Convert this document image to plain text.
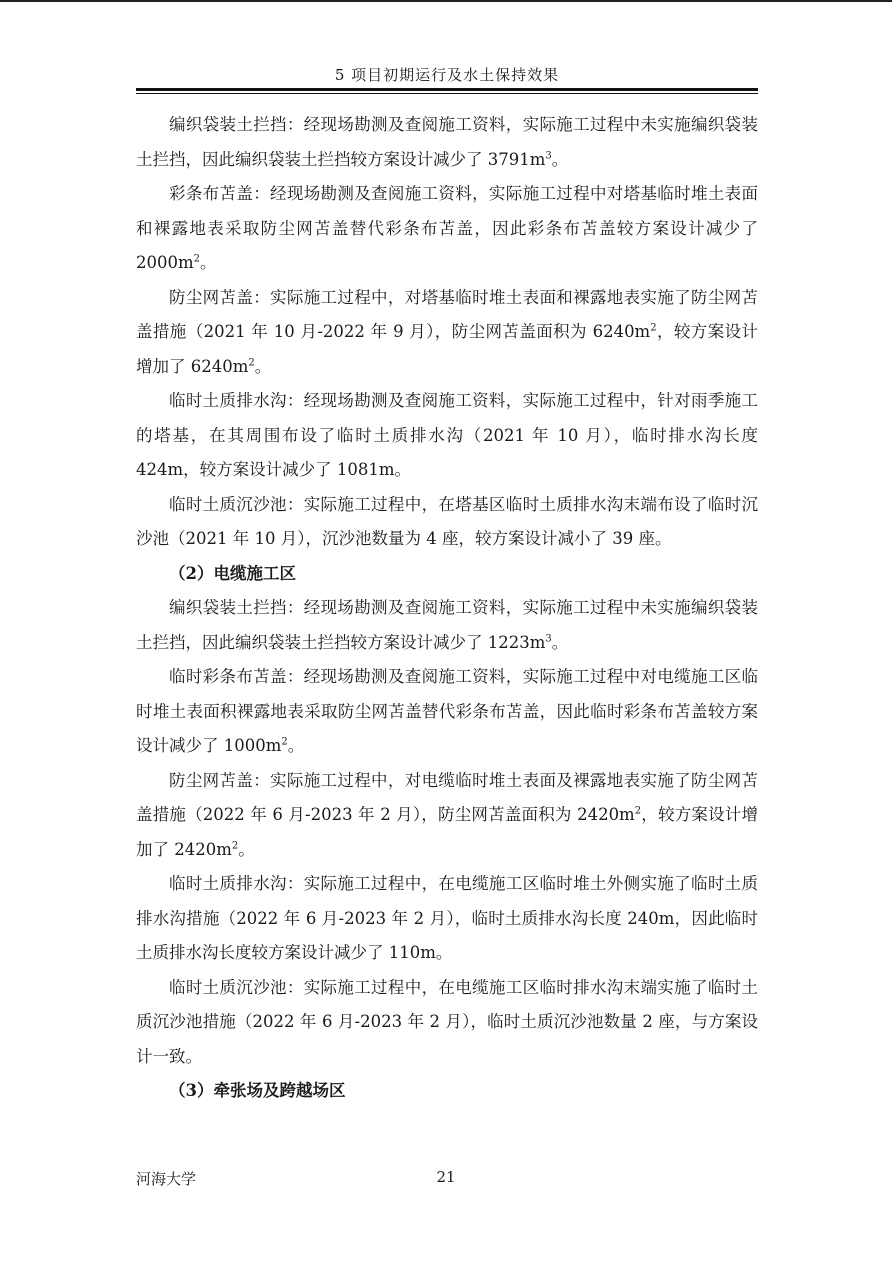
5 项目初期运行及水土保持效果

编织袋装土拦挡：经现场勘测及查阅施工资料，实际施工过程中未实施编织袋装土拦挡，因此编织袋装土拦挡较方案设计减少了 $3791m^3$。

彩条布苫盖：经现场勘测及查阅施工资料，实际施工过程中对塔基临时堆土表面和裸露地表采取防尘网苫盖替代彩条布苫盖，因此彩条布苫盖较方案设计减少了 $2000m^2$。

防尘网苫盖：实际施工过程中，对塔基临时堆土表面和裸露地表实施了防尘网苫盖措施（2021 年 10 月-2022 年 9 月），防尘网苫盖面积为 $6240m^2$，较方案设计增加了 $6240m^2$。

临时土质排水沟：经现场勘测及查阅施工资料，实际施工过程中，针对雨季施工的塔基，在其周围布设了临时土质排水沟（2021 年 10 月），临时排水沟长度 424m，较方案设计减少了 1081m。

临时土质沉沙池：实际施工过程中，在塔基区临时土质排水沟末端布设了临时沉沙池（2021 年 10 月），沉沙池数量为 4 座，较方案设计减小了 39 座。

（2）电缆施工区

编织袋装土拦挡：经现场勘测及查阅施工资料，实际施工过程中未实施编织袋装土拦挡，因此编织袋装土拦挡较方案设计减少了 $1223m^3$。

临时彩条布苫盖：经现场勘测及查阅施工资料，实际施工过程中对电缆施工区临时堆土表面积裸露地表采取防尘网苫盖替代彩条布苫盖，因此临时彩条布苫盖较方案设计减少了 $1000m^2$。

防尘网苫盖：实际施工过程中，对电缆临时堆土表面及裸露地表实施了防尘网苫盖措施（2022 年 6 月-2023 年 2 月），防尘网苫盖面积为 $2420m^2$，较方案设计增加了 $2420m^2$。

临时土质排水沟：实际施工过程中，在电缆施工区临时堆土外侧实施了临时土质排水沟措施（2022 年 6 月-2023 年 2 月），临时土质排水沟长度 240m，因此临时土质排水沟长度较方案设计减少了 110m。

临时土质沉沙池：实际施工过程中，在电缆施工区临时排水沟末端实施了临时土质沉沙池措施（2022 年 6 月-2023 年 2 月），临时土质沉沙池数量 2 座，与方案设计一致。

（3）牵张场及跨越场区

河海大学	21
